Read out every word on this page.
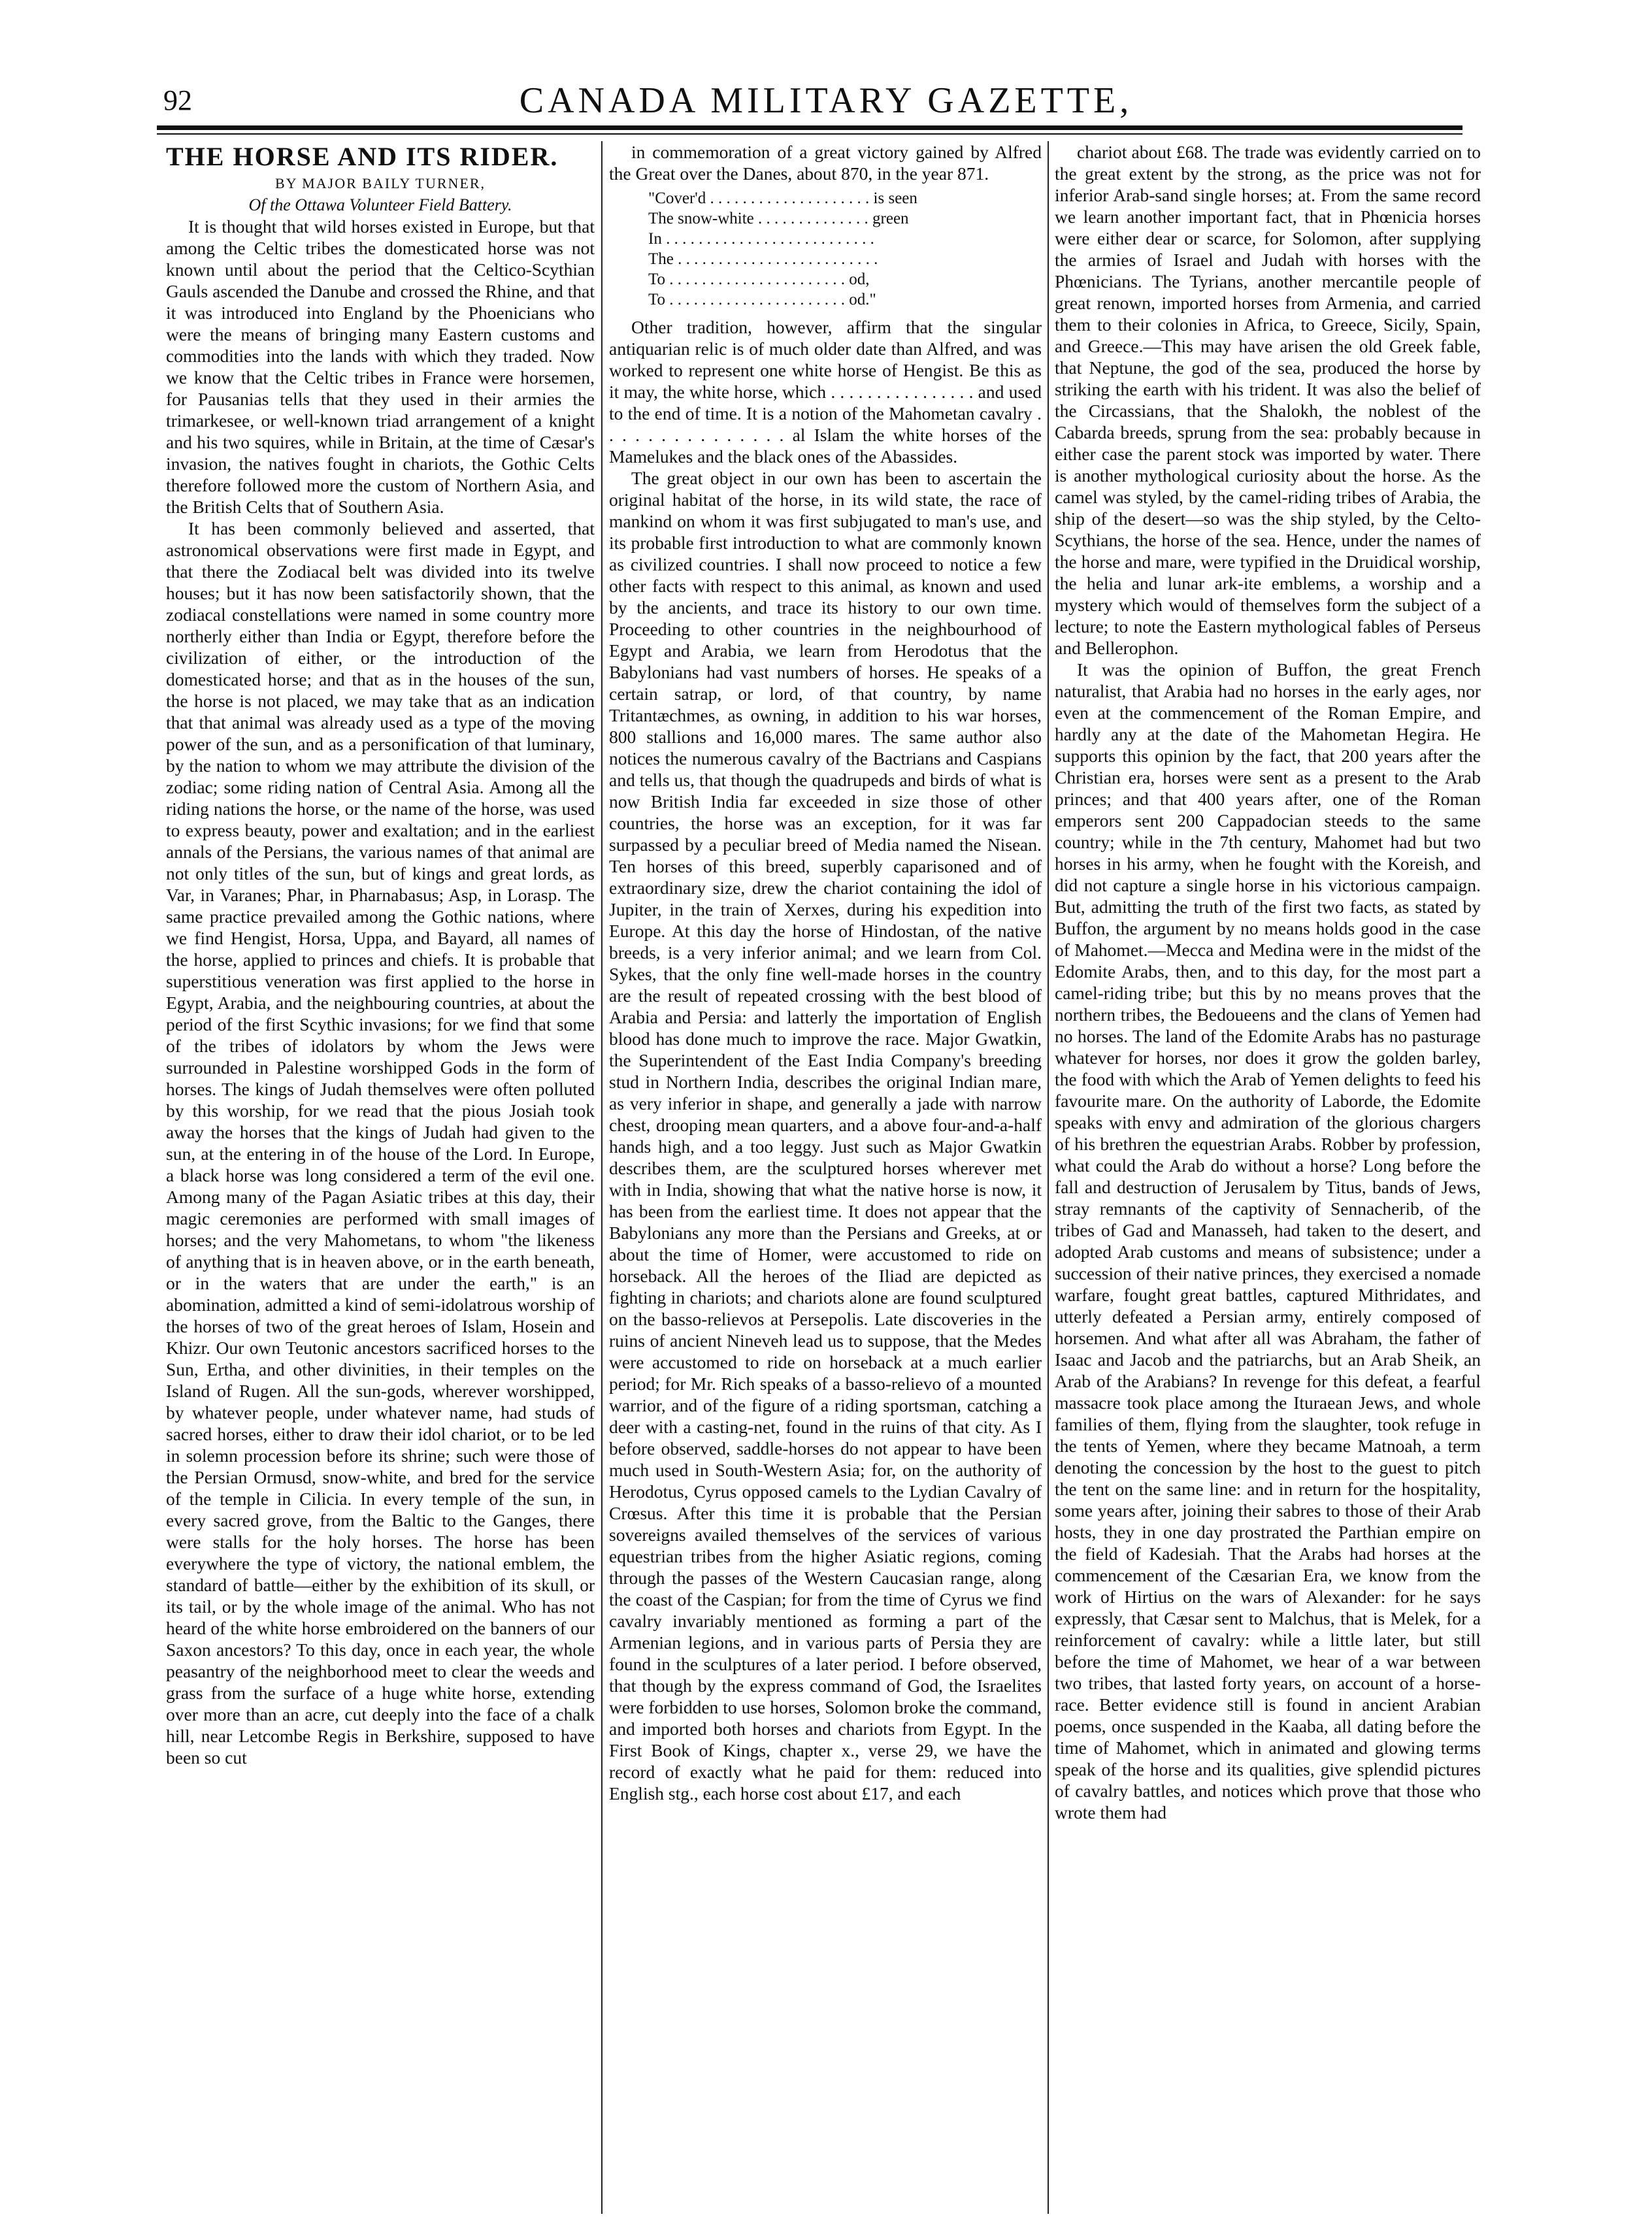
92	CANADA MILITARY GAZETTE,

THE HORSE AND ITS RIDER.

BY MAJOR BAILY TURNER,

Of the Ottawa Volunteer Field Battery.

It is thought that wild horses existed in Europe, but that among the Celtic tribes the domesticated horse was not known until about the period that the Celtico-Scythian Gauls ascended the Danube and crossed the Rhine, and that it was introduced into England by the Phoenicians who were the means of bringing many Eastern customs and commodities into the lands with which they traded. Now we know that the Celtic tribes in France were horsemen, for Pausanias tells that they used in their armies the trimarkesee, or well-known triad arrangement of a knight and his two squires, while in Britain, at the time of Cæsar's invasion, the natives fought in chariots, the Gothic Celts therefore followed more the custom of Northern Asia, and the British Celts that of Southern Asia.

It has been commonly believed and asserted, that astronomical observations were first made in Egypt, and that there the Zodiacal belt was divided into its twelve houses; but it has now been satisfactorily shown, that the zodiacal constellations were named in some country more northerly either than India or Egypt, therefore before the civilization of either, or the introduction of the domesticated horse; and that as in the houses of the sun, the horse is not placed, we may take that as an indication that that animal was already used as a type of the moving power of the sun, and as a personification of that luminary, by the nation to whom we may attribute the division of the zodiac; some riding nation of Central Asia. Among all the riding nations the horse, or the name of the horse, was used to express beauty, power and exaltation; and in the earliest annals of the Persians, the various names of that animal are not only titles of the sun, but of kings and great lords, as Var, in Varanes; Phar, in Pharnabasus; Asp, in Lorasp. The same practice prevailed among the Gothic nations, where we find Hengist, Horsa, Uppa, and Bayard, all names of the horse, applied to princes and chiefs. It is probable that superstitious veneration was first applied to the horse in Egypt, Arabia, and the neighbouring countries, at about the period of the first Scythic invasions; for we find that some of the tribes of idolators by whom the Jews were surrounded in Palestine worshipped Gods in the form of horses. The kings of Judah themselves were often polluted by this worship, for we read that the pious Josiah took away the horses that the kings of Judah had given to the sun, at the entering in of the house of the Lord. In Europe, a black horse was long considered a term of the evil one. Among many of the Pagan Asiatic tribes at this day, their magic ceremonies are performed with small images of horses; and the very Mahometans, to whom "the likeness of anything that is in heaven above, or in the earth beneath, or in the waters that are under the earth," is an abomination, admitted a kind of semi-idolatrous worship of the horses of two of the great heroes of Islam, Hosein and Khizr. Our own Teutonic ancestors sacrificed horses to the Sun, Ertha, and other divinities, in their temples on the Island of Rugen. All the sun-gods, wherever worshipped, by whatever people, under whatever name, had studs of sacred horses, either to draw their idol chariot, or to be led in solemn procession before its shrine; such were those of the Persian Ormusd, snow-white, and bred for the service of the temple in Cilicia. In every temple of the sun, in every sacred grove, from the Baltic to the Ganges, there were stalls for the holy horses. The horse has been everywhere the type of victory, the national emblem, the standard of battle—either by the exhibition of its skull, or its tail, or by the whole image of the animal. Who has not heard of the white horse embroidered on the banners of our Saxon ancestors? To this day, once in each year, the whole peasantry of the neighborhood meet to clear the weeds and grass from the surface of a huge white horse, extending over more than an acre, cut deeply into the face of a chalk hill, near Letcombe Regis in Berkshire, supposed to have been so cut

in commemoration of a great victory gained by Alfred the Great over the Danes, about 870, in the year 871.

"Cover'd . . . . . . . . . . . . . . . . . . . . is seen
The snow-white . . . . . . . . . . . . . . green
In . . . . . . . . . . . . . . . . . . . . . . . . . .
The . . . . . . . . . . . . . . . . . . . . . . . . .
To . . . . . . . . . . . . . . . . . . . . . . od,
To . . . . . . . . . . . . . . . . . . . . . . od."

Other tradition, however, affirm that the singular antiquarian relic is of much older date than Alfred, and was worked to represent one white horse of Hengist. Be this as it may, the white horse, which . . . . . . . . . . . . . . . . and used to the end of time. It is a notion of the Mahometan cavalry . . . . . . . . . . . . . . . al Islam the white horses of the Mamelukes and the black ones of the Abassides.

The great object in our own has been to ascertain the original habitat of the horse, in its wild state, the race of mankind on whom it was first subjugated to man's use, and its probable first introduction to what are commonly known as civilized countries. I shall now proceed to notice a few other facts with respect to this animal, as known and used by the ancients, and trace its history to our own time. Proceeding to other countries in the neighbourhood of Egypt and Arabia, we learn from Herodotus that the Babylonians had vast numbers of horses. He speaks of a certain satrap, or lord, of that country, by name Tritantæchmes, as owning, in addition to his war horses, 800 stallions and 16,000 mares. The same author also notices the numerous cavalry of the Bactrians and Caspians and tells us, that though the quadrupeds and birds of what is now British India far exceeded in size those of other countries, the horse was an exception, for it was far surpassed by a peculiar breed of Media named the Nisean. Ten horses of this breed, superbly caparisoned and of extraordinary size, drew the chariot containing the idol of Jupiter, in the train of Xerxes, during his expedition into Europe. At this day the horse of Hindostan, of the native breeds, is a very inferior animal; and we learn from Col. Sykes, that the only fine well-made horses in the country are the result of repeated crossing with the best blood of Arabia and Persia: and latterly the importation of English blood has done much to improve the race. Major Gwatkin, the Superintendent of the East India Company's breeding stud in Northern India, describes the original Indian mare, as very inferior in shape, and generally a jade with narrow chest, drooping mean quarters, and a above four-and-a-half hands high, and a too leggy. Just such as Major Gwatkin describes them, are the sculptured horses wherever met with in India, showing that what the native horse is now, it has been from the earliest time. It does not appear that the Babylonians any more than the Persians and Greeks, at or about the time of Homer, were accustomed to ride on horseback. All the heroes of the Iliad are depicted as fighting in chariots; and chariots alone are found sculptured on the basso-relievos at Persepolis. Late discoveries in the ruins of ancient Nineveh lead us to suppose, that the Medes were accustomed to ride on horseback at a much earlier period; for Mr. Rich speaks of a basso-relievo of a mounted warrior, and of the figure of a riding sportsman, catching a deer with a casting-net, found in the ruins of that city. As I before observed, saddle-horses do not appear to have been much used in South-Western Asia; for, on the authority of Herodotus, Cyrus opposed camels to the Lydian Cavalry of Crœsus. After this time it is probable that the Persian sovereigns availed themselves of the services of various equestrian tribes from the higher Asiatic regions, coming through the passes of the Western Caucasian range, along the coast of the Caspian; for from the time of Cyrus we find cavalry invariably mentioned as forming a part of the Armenian legions, and in various parts of Persia they are found in the sculptures of a later period. I before observed, that though by the express command of God, the Israelites were forbidden to use horses, Solomon broke the command, and imported both horses and chariots from Egypt. In the First Book of Kings, chapter x., verse 29, we have the record of exactly what he paid for them: reduced into English stg., each horse cost about £17, and each

chariot about £68. The trade was evidently carried on to the great extent by the strong, as the price was not for inferior Arab-sand single horses; at. From the same record we learn another important fact, that in Phœnicia horses were either dear or scarce, for Solomon, after supplying the armies of Israel and Judah with horses with the Phœnicians. The Tyrians, another mercantile people of great renown, imported horses from Armenia, and carried them to their colonies in Africa, to Greece, Sicily, Spain, and Greece.—This may have arisen the old Greek fable, that Neptune, the god of the sea, produced the horse by striking the earth with his trident. It was also the belief of the Circassians, that the Shalokh, the noblest of the Cabarda breeds, sprung from the sea: probably because in either case the parent stock was imported by water. There is another mythological curiosity about the horse. As the camel was styled, by the camel-riding tribes of Arabia, the ship of the desert—so was the ship styled, by the Celto-Scythians, the horse of the sea. Hence, under the names of the horse and mare, were typified in the Druidical worship, the helia and lunar ark-ite emblems, a worship and a mystery which would of themselves form the subject of a lecture; to note the Eastern mythological fables of Perseus and Bellerophon.

It was the opinion of Buffon, the great French naturalist, that Arabia had no horses in the early ages, nor even at the commencement of the Roman Empire, and hardly any at the date of the Mahometan Hegira. He supports this opinion by the fact, that 200 years after the Christian era, horses were sent as a present to the Arab princes; and that 400 years after, one of the Roman emperors sent 200 Cappadocian steeds to the same country; while in the 7th century, Mahomet had but two horses in his army, when he fought with the Koreish, and did not capture a single horse in his victorious campaign. But, admitting the truth of the first two facts, as stated by Buffon, the argument by no means holds good in the case of Mahomet.—Mecca and Medina were in the midst of the Edomite Arabs, then, and to this day, for the most part a camel-riding tribe; but this by no means proves that the northern tribes, the Bedoueens and the clans of Yemen had no horses. The land of the Edomite Arabs has no pasturage whatever for horses, nor does it grow the golden barley, the food with which the Arab of Yemen delights to feed his favourite mare. On the authority of Laborde, the Edomite speaks with envy and admiration of the glorious chargers of his brethren the equestrian Arabs. Robber by profession, what could the Arab do without a horse? Long before the fall and destruction of Jerusalem by Titus, bands of Jews, stray remnants of the captivity of Sennacherib, of the tribes of Gad and Manasseh, had taken to the desert, and adopted Arab customs and means of subsistence; under a succession of their native princes, they exercised a nomade warfare, fought great battles, captured Mithridates, and utterly defeated a Persian army, entirely composed of horsemen. And what after all was Abraham, the father of Isaac and Jacob and the patriarchs, but an Arab Sheik, an Arab of the Arabians? In revenge for this defeat, a fearful massacre took place among the Ituraean Jews, and whole families of them, flying from the slaughter, took refuge in the tents of Yemen, where they became Matnoah, a term denoting the concession by the host to the guest to pitch the tent on the same line: and in return for the hospitality, some years after, joining their sabres to those of their Arab hosts, they in one day prostrated the Parthian empire on the field of Kadesiah. That the Arabs had horses at the commencement of the Cæsarian Era, we know from the work of Hirtius on the wars of Alexander: for he says expressly, that Cæsar sent to Malchus, that is Melek, for a reinforcement of cavalry: while a little later, but still before the time of Mahomet, we hear of a war between two tribes, that lasted forty years, on account of a horse-race. Better evidence still is found in ancient Arabian poems, once suspended in the Kaaba, all dating before the time of Mahomet, which in animated and glowing terms speak of the horse and its qualities, give splendid pictures of cavalry battles, and notices which prove that those who wrote them had
